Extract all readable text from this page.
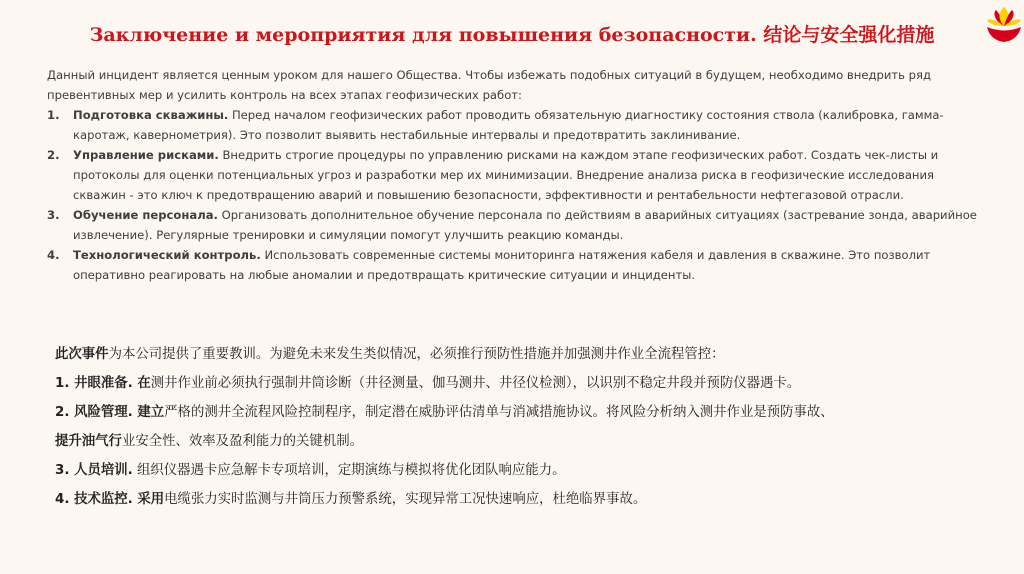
Заключение и мероприятия для повышения безопасности. 结论与安全强化措施

Данный инцидент является ценным уроком для нашего Общества. Чтобы избежать подобных ситуаций в будущем, необходимо внедрить ряд превентивных мер и усилить контроль на всех этапах геофизических работ:

1. Подготовка скважины. Перед началом геофизических работ проводить обязательную диагностику состояния ствола (калибровка, гамма-каротаж, кавернометрия). Это позволит выявить нестабильные интервалы и предотвратить заклинивание.
2. Управление рисками. Внедрить строгие процедуры по управлению рисками на каждом этапе геофизических работ. Создать чек-листы и протоколы для оценки потенциальных угроз и разработки мер их минимизации. Внедрение анализа риска в геофизические исследования скважин - это ключ к предотвращению аварий и повышению безопасности, эффективности и рентабельности нефтегазовой отрасли.
3. Обучение персонала. Организовать дополнительное обучение персонала по действиям в аварийных ситуациях (застревание зонда, аварийное извлечение). Регулярные тренировки и симуляции помогут улучшить реакцию команды.
4. Технологический контроль. Использовать современные системы мониторинга натяжения кабеля и давления в скважине. Это позволит оперативно реагировать на любые аномалии и предотвращать критические ситуации и инциденты.

此次事件为本公司提供了重要教训。为避免未来发生类似情况，必须推行预防性措施并加强测井作业全流程管控：

1. 井眼准备. 在测井作业前必须执行强制井筒诊断（井径测量、伽马测井、井径仪检测），以识别不稳定井段并预防仪器遇卡。

2. 风险管理. 建立严格的测井全流程风险控制程序，制定潜在威胁评估清单与消减措施协议。将风险分析纳入测井作业是预防事故、
提升油气行业安全性、效率及盈利能力的关键机制。

3. 人员培训. 组织仪器遇卡应急解卡专项培训，定期演练与模拟将优化团队响应能力。

4. 技术监控. 采用电缆张力实时监测与井筒压力预警系统，实现异常工况快速响应，杜绝临界事故。
